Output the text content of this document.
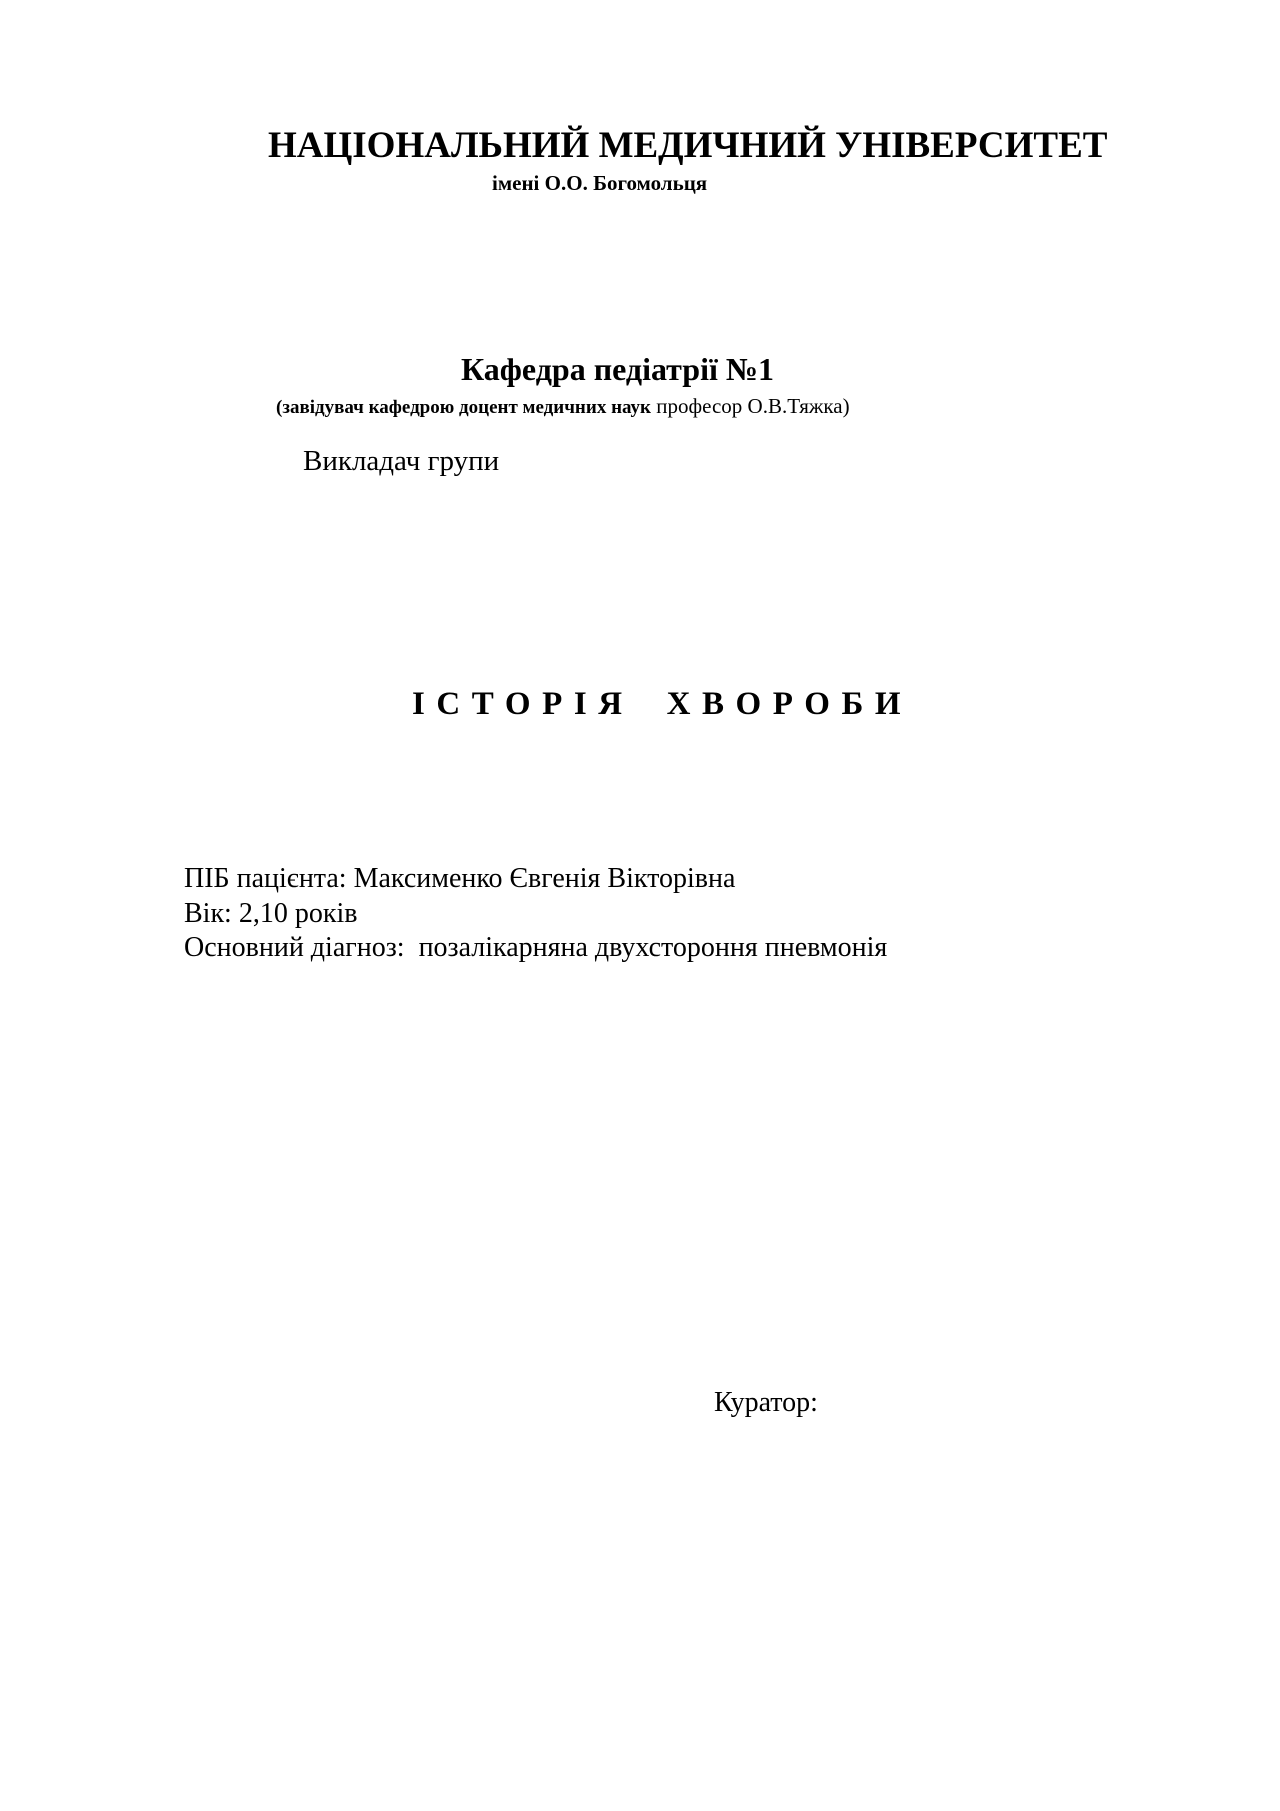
НАЦІОНАЛЬНИЙ МЕДИЧНИЙ УНІВЕРСИТЕТ
імені О.О. Богомольця
Кафедра педіатрії №1
(завідувач кафедрою доцент медичних наук професор О.В.Тяжка)
Викладач групи
ІСТОРІЯ ХВОРОБИ
ПІБ пацієнта: Максименко Євгенія Вікторівна
Вік: 2,10 років
Основний діагноз:  позалікарняна двухстороння пневмонія
Куратор:
